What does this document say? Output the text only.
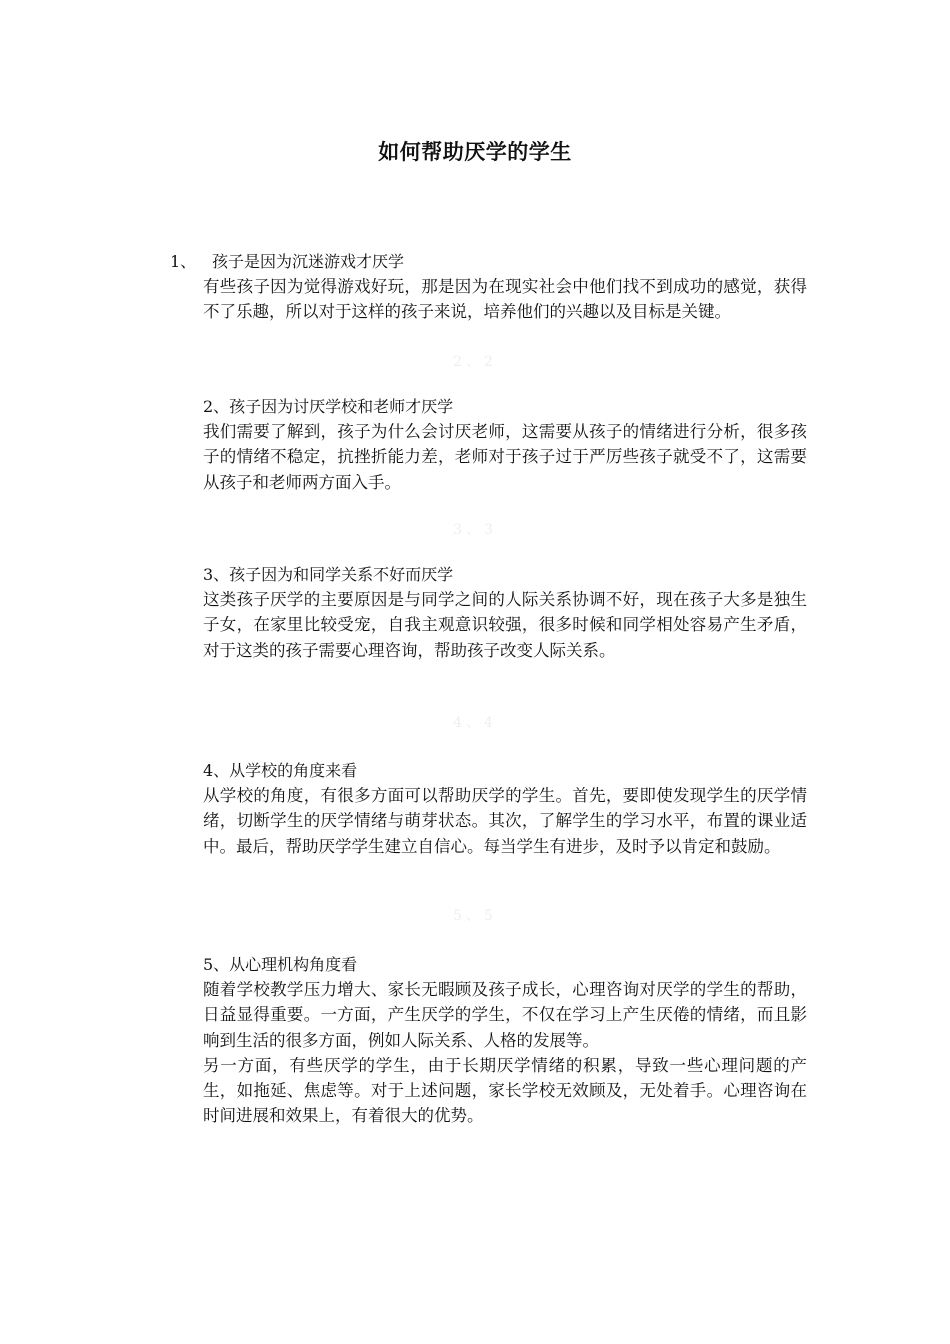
如何帮助厌学的学生

1、 孩子是因为沉迷游戏才厌学

有些孩子因为觉得游戏好玩，那是因为在现实社会中他们找不到成功的感觉，获得不了乐趣，所以对于这样的孩子来说，培养他们的兴趣以及目标是关键。

2、2

2、孩子因为讨厌学校和老师才厌学

我们需要了解到，孩子为什么会讨厌老师，这需要从孩子的情绪进行分析，很多孩子的情绪不稳定，抗挫折能力差，老师对于孩子过于严厉些孩子就受不了，这需要从孩子和老师两方面入手。

3、3

3、孩子因为和同学关系不好而厌学

这类孩子厌学的主要原因是与同学之间的人际关系协调不好，现在孩子大多是独生子女，在家里比较受宠，自我主观意识较强，很多时候和同学相处容易产生矛盾，对于这类的孩子需要心理咨询，帮助孩子改变人际关系。

4、4

4、从学校的角度来看

从学校的角度，有很多方面可以帮助厌学的学生。首先，要即使发现学生的厌学情绪，切断学生的厌学情绪与萌芽状态。其次，了解学生的学习水平，布置的课业适中。最后，帮助厌学学生建立自信心。每当学生有进步，及时予以肯定和鼓励。

5、5

5、从心理机构角度看

随着学校教学压力增大、家长无暇顾及孩子成长，心理咨询对厌学的学生的帮助，日益显得重要。一方面，产生厌学的学生，不仅在学习上产生厌倦的情绪，而且影响到生活的很多方面，例如人际关系、人格的发展等。

另一方面，有些厌学的学生，由于长期厌学情绪的积累，导致一些心理问题的产生，如拖延、焦虑等。对于上述问题，家长学校无效顾及，无处着手。心理咨询在时间进展和效果上，有着很大的优势。
